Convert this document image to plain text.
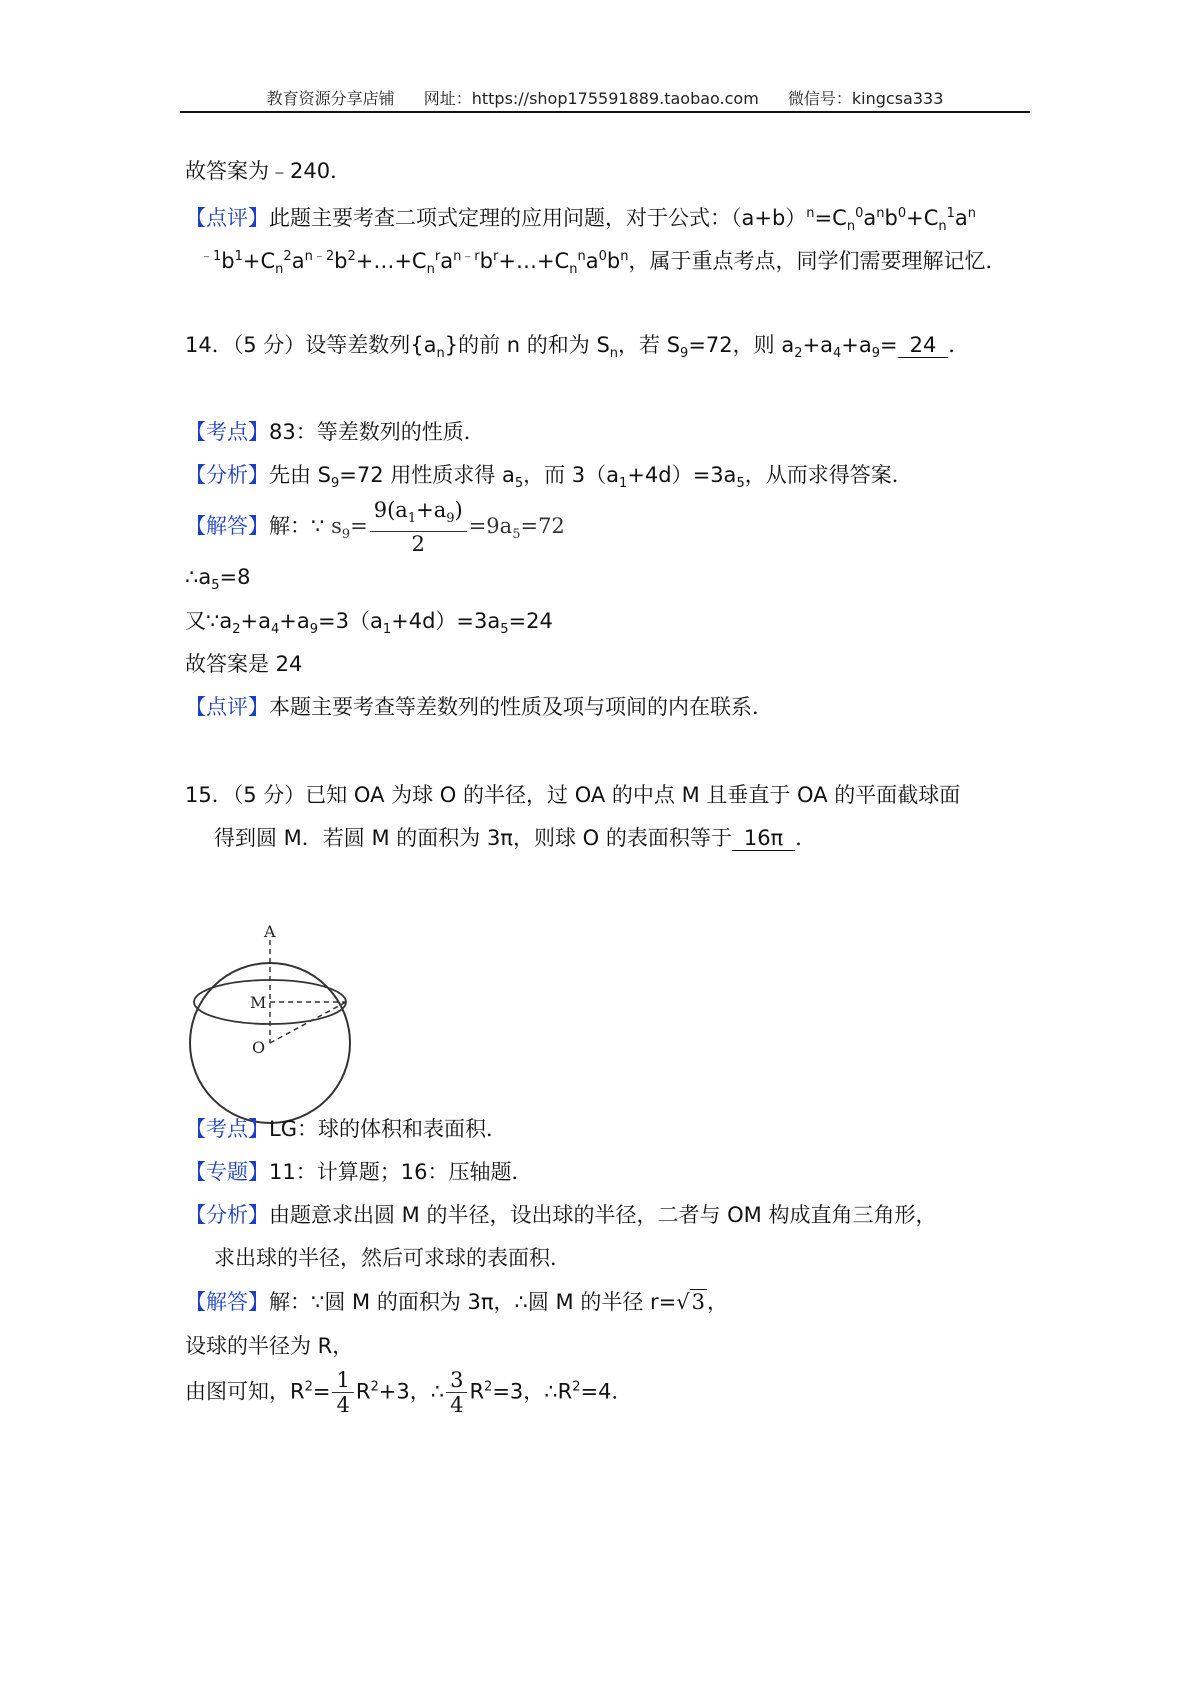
教育资源分享店铺 网址：https://shop175591889.taobao.com 微信号：kingcsa333
故答案为﹣240．
【点评】此题主要考查二项式定理的应用问题，对于公式：$(a+b)^n=C_n^0a^nb^0+C_n^1a^n$
$^{﹣1}b^1+C_n^2a^{n﹣2}b^2+\dots+C_n^ra^{n﹣r}b^r+\dots+C_n^na^0b^n$，属于重点考点，同学们需要理解记忆．
14．（5 分）设等差数列$\{a_n\}$的前 n 的和为 $S_n$，若 $S_9=72$，则 $a_2+a_4+a_9= 24$ ．
【考点】83：等差数列的性质．
【分析】先由 $S_9=72$ 用性质求得 $a_5$，而 $3(a_1+4d)=3a_5$，从而求得答案．
【解答】解：∵ $s_9= \frac{9(a_1+a_9)}{2} =9a_5=72$
$\therefore a_5=8$
又$\because a_2+a_4+a_9=3(a_1+4d)=3a_5=24$
故答案是 24
【点评】本题主要考查等差数列的性质及项与项间的内在联系．
15．（5 分）已知 OA 为球 O 的半径，过 OA 的中点 M 且垂直于 OA 的平面截球面
得到圆 M．若圆 M 的面积为 3π，则球 O 的表面积等于 16π ．
A
M
O
【考点】LG：球的体积和表面积．
【专题】11：计算题；16：压轴题．
【分析】由题意求出圆 M 的半径，设出球的半径，二者与 OM 构成直角三角形，
求出球的半径，然后可求球的表面积．
【解答】解：∵圆 M 的面积为 3π，∴圆 M 的半径 r=√3，
设球的半径为 R，
由图可知，$R^2= \frac{1}{4} R^2+3$，∴ $\frac{3}{4} R^2=3$，$\therefore R^2=4$．
